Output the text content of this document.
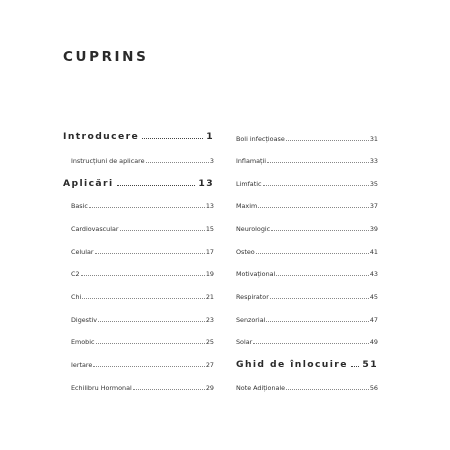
CUPRINS
Introducere	1
Instrucțiuni de aplicare	3
Aplicări	13
Basic	13
Cardiovascular	15
Celular	17
C2	19
Chi	21
Digestiv	23
Emobic	25
Iertare	27
Echilibru Hormonal	29
Boli infecțioase	31
Inflamații	33
Limfatic	35
Maxim	37
Neurologic	39
Osteo	41
Motivațional	43
Respirator	45
Senzorial	47
Solar	49
Ghid de înlocuire 51
Note Adiționale	56
